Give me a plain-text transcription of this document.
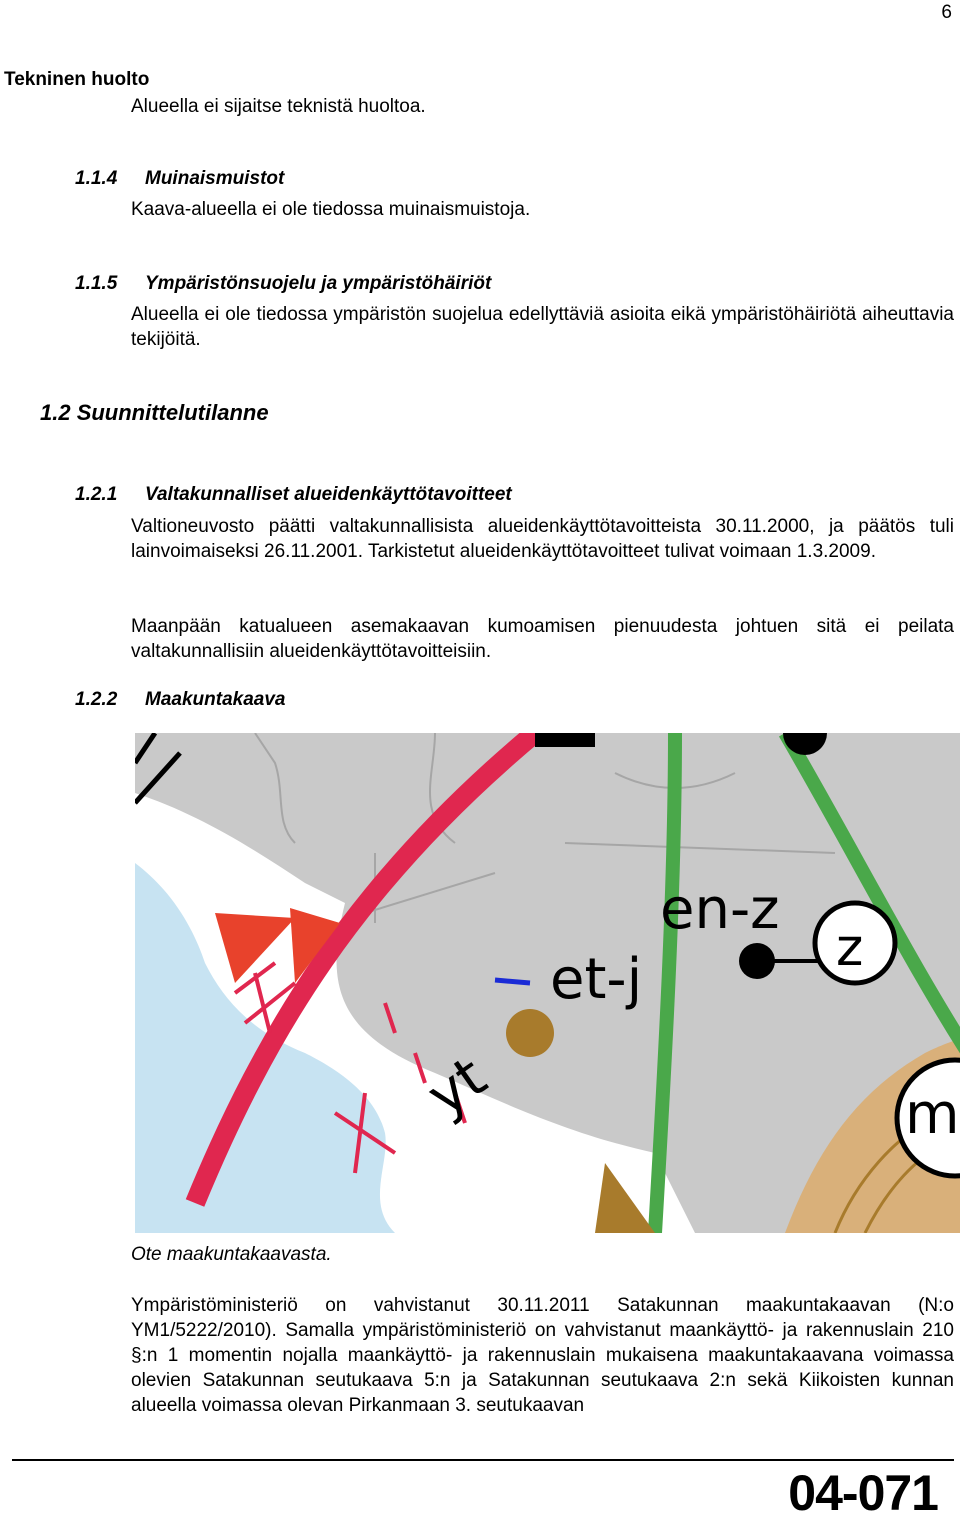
6
Tekninen huolto
Alueella ei sijaitse teknistä huoltoa.
1.1.4 Muinaismuistot
Kaava-alueella ei ole tiedossa muinaismuistoja.
1.1.5 Ympäristönsuojelu ja ympäristöhäiriöt
Alueella ei ole tiedossa ympäristön suojelua edellyttäviä asioita eikä ympäristöhäiriötä aiheuttavia tekijöitä.
1.2 Suunnittelutilanne
1.2.1 Valtakunnalliset alueidenkäyttötavoitteet
Valtioneuvosto päätti valtakunnallisista alueidenkäyttötavoitteista 30.11.2000, ja päätös tuli lainvoimaiseksi 26.11.2001. Tarkistetut alueidenkäyttötavoitteet tulivat voimaan 1.3.2009.
Maanpään katualueen asemakaavan kumoamisen pienuudesta johtuen sitä ei peilata valtakunnallisiin alueidenkäyttötavoitteisiin.
1.2.2 Maakuntakaava
en-z
et-j	z
yt	m
Ote maakuntakaavasta.
Ympäristöministeriö on vahvistanut 30.11.2011 Satakunnan maakuntakaavan (N:o YM1/5222/2010). Samalla ympäristöministeriö on vahvistanut maankäyttö- ja rakennuslain 210 §:n 1 momentin nojalla maankäyttö- ja rakennuslain mukaisena maakuntakaavana voimassa olevien Satakunnan seutukaava 5:n ja Satakunnan seutukaava 2:n sekä Kiikoisten kunnan alueella voimassa olevan Pirkanmaan 3. seutukaavan
04-071
